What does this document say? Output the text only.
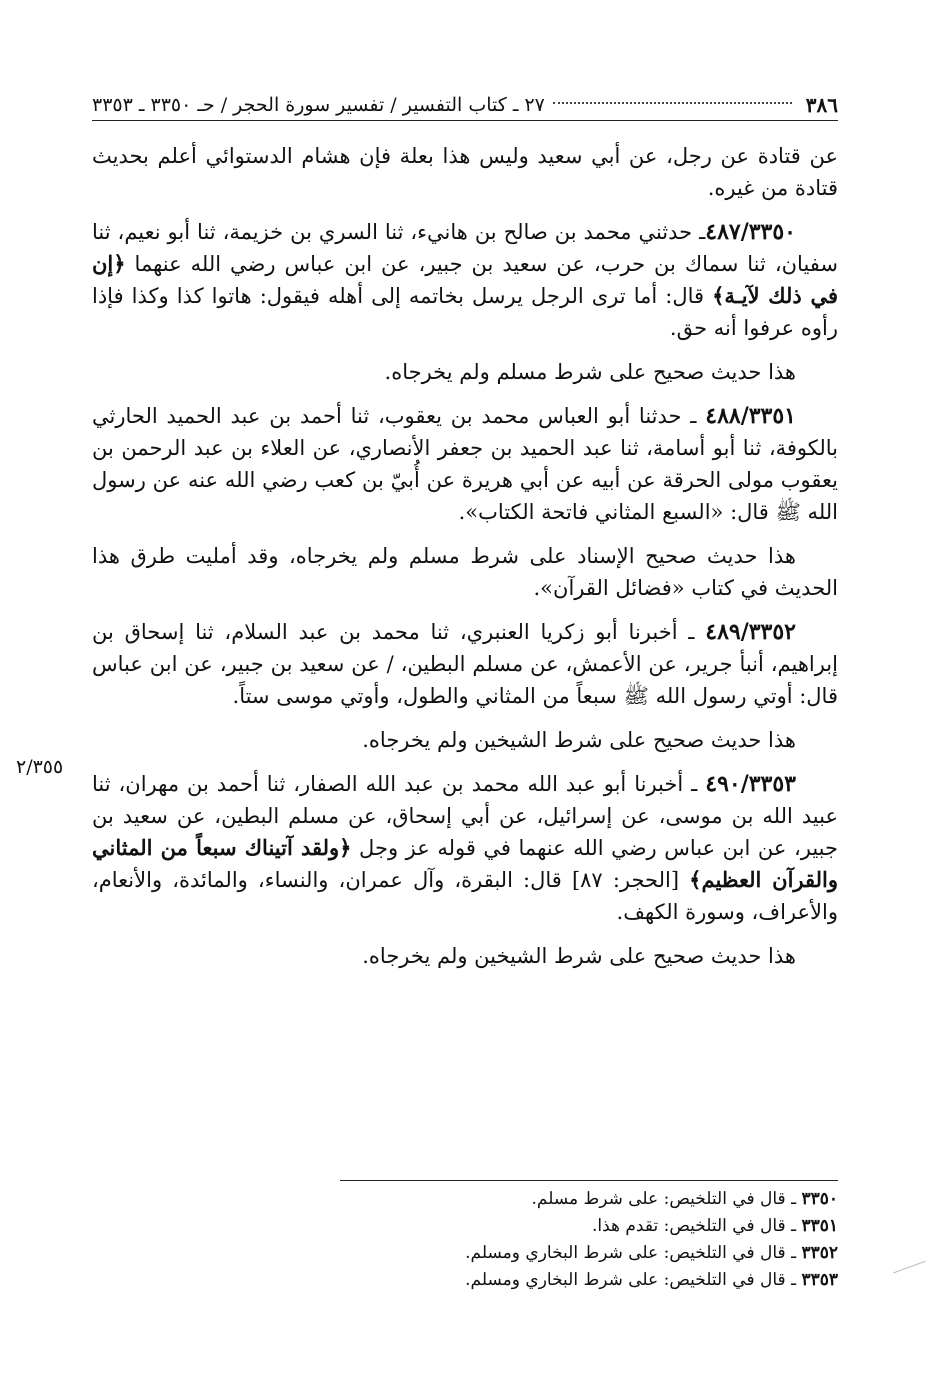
٣٨٦
٢٧ ـ كتاب التفسير / تفسير سورة الحجر / حـ ٣٣٥٠ ـ ٣٣٥٣
٢/٣٥٥

عن قتادة عن رجل، عن أبي سعيد وليس هذا بعلة فإن هشام الدستوائي أعلم بحديث قتادة من غيره.

٤٨٧/٣٣٥٠ـ حدثني محمد بن صالح بن هانيء، ثنا السري بن خزيمة، ثنا أبو نعيم، ثنا سفيان، ثنا سماك بن حرب، عن سعيد بن جبير، عن ابن عباس رضي الله عنهما ﴿إن في ذلك لآيـة﴾ قال: أما ترى الرجل يرسل بخاتمه إلى أهله فيقول: هاتوا كذا وكذا فإذا رأوه عرفوا أنه حق.

هذا حديث صحيح على شرط مسلم ولم يخرجاه.

٤٨٨/٣٣٥١ ـ حدثنا أبو العباس محمد بن يعقوب، ثنا أحمد بن عبد الحميد الحارثي بالكوفة، ثنا أبو أسامة، ثنا عبد الحميد بن جعفر الأنصاري، عن العلاء بن عبد الرحمن بن يعقوب مولى الحرقة عن أبيه عن أبي هريرة عن أُبيّ بن كعب رضي الله عنه عن رسول الله ﷺ قال: «السبع المثاني فاتحة الكتاب».

هذا حديث صحيح الإسناد على شرط مسلم ولم يخرجاه، وقد أمليت طرق هذا الحديث في كتاب «فضائل القرآن».

٤٨٩/٣٣٥٢ ـ أخبرنا أبو زكريا العنبري، ثنا محمد بن عبد السلام، ثنا إسحاق بن إبراهيم، أنبأ جرير، عن الأعمش، عن مسلم البطين، / عن سعيد بن جبير، عن ابن عباس قال: أوتي رسول الله ﷺ سبعاً من المثاني والطول، وأوتي موسى ستاً.

هذا حديث صحيح على شرط الشيخين ولم يخرجاه.

٤٩٠/٣٣٥٣ ـ أخبرنا أبو عبد الله محمد بن عبد الله الصفار، ثنا أحمد بن مهران، ثنا عبيد الله بن موسى، عن إسرائيل، عن أبي إسحاق، عن مسلم البطين، عن سعيد بن جبير، عن ابن عباس رضي الله عنهما في قوله عز وجل ﴿ولقد آتيناك سبعاً من المثاني والقرآن العظيم﴾ [الحجر: ٨٧] قال: البقرة، وآل عمران، والنساء، والمائدة، والأنعام، والأعراف، وسورة الكهف.

هذا حديث صحيح على شرط الشيخين ولم يخرجاه.

٣٣٥٠ ـ قال في التلخيص: على شرط مسلم.
٣٣٥١ ـ قال في التلخيص: تقدم هذا.
٣٣٥٢ ـ قال في التلخيص: على شرط البخاري ومسلم.
٣٣٥٣ ـ قال في التلخيص: على شرط البخاري ومسلم.
